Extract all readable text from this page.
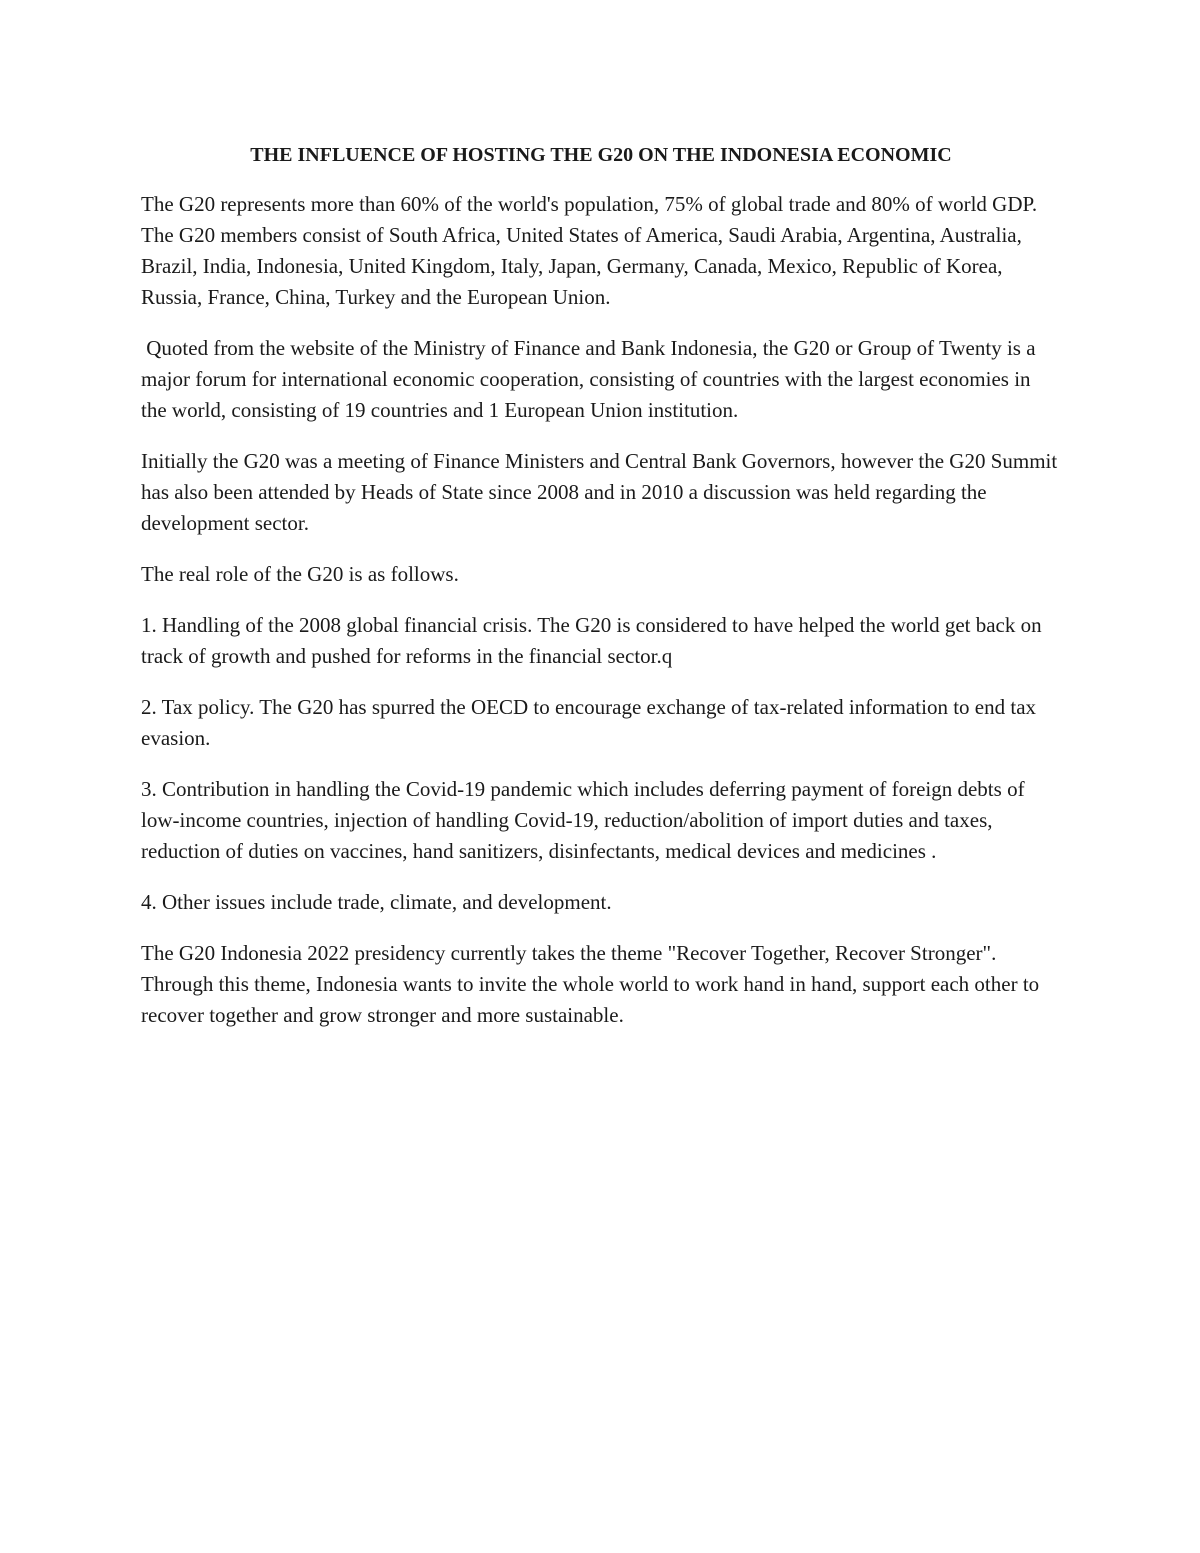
THE INFLUENCE OF HOSTING THE G20 ON THE INDONESIA ECONOMIC

The G20 represents more than 60% of the world's population, 75% of global trade and 80% of world GDP. The G20 members consist of South Africa, United States of America, Saudi Arabia, Argentina, Australia, Brazil, India, Indonesia, United Kingdom, Italy, Japan, Germany, Canada, Mexico, Republic of Korea, Russia, France, China, Turkey and the European Union.

Quoted from the website of the Ministry of Finance and Bank Indonesia, the G20 or Group of Twenty is a major forum for international economic cooperation, consisting of countries with the largest economies in the world, consisting of 19 countries and 1 European Union institution.

Initially the G20 was a meeting of Finance Ministers and Central Bank Governors, however the G20 Summit has also been attended by Heads of State since 2008 and in 2010 a discussion was held regarding the development sector.

The real role of the G20 is as follows.

1. Handling of the 2008 global financial crisis. The G20 is considered to have helped the world get back on track of growth and pushed for reforms in the financial sector.q

2. Tax policy. The G20 has spurred the OECD to encourage exchange of tax-related information to end tax evasion.

3. Contribution in handling the Covid-19 pandemic which includes deferring payment of foreign debts of low-income countries, injection of handling Covid-19, reduction/abolition of import duties and taxes, reduction of duties on vaccines, hand sanitizers, disinfectants, medical devices and medicines .

4. Other issues include trade, climate, and development.

The G20 Indonesia 2022 presidency currently takes the theme "Recover Together, Recover Stronger". Through this theme, Indonesia wants to invite the whole world to work hand in hand, support each other to recover together and grow stronger and more sustainable.
